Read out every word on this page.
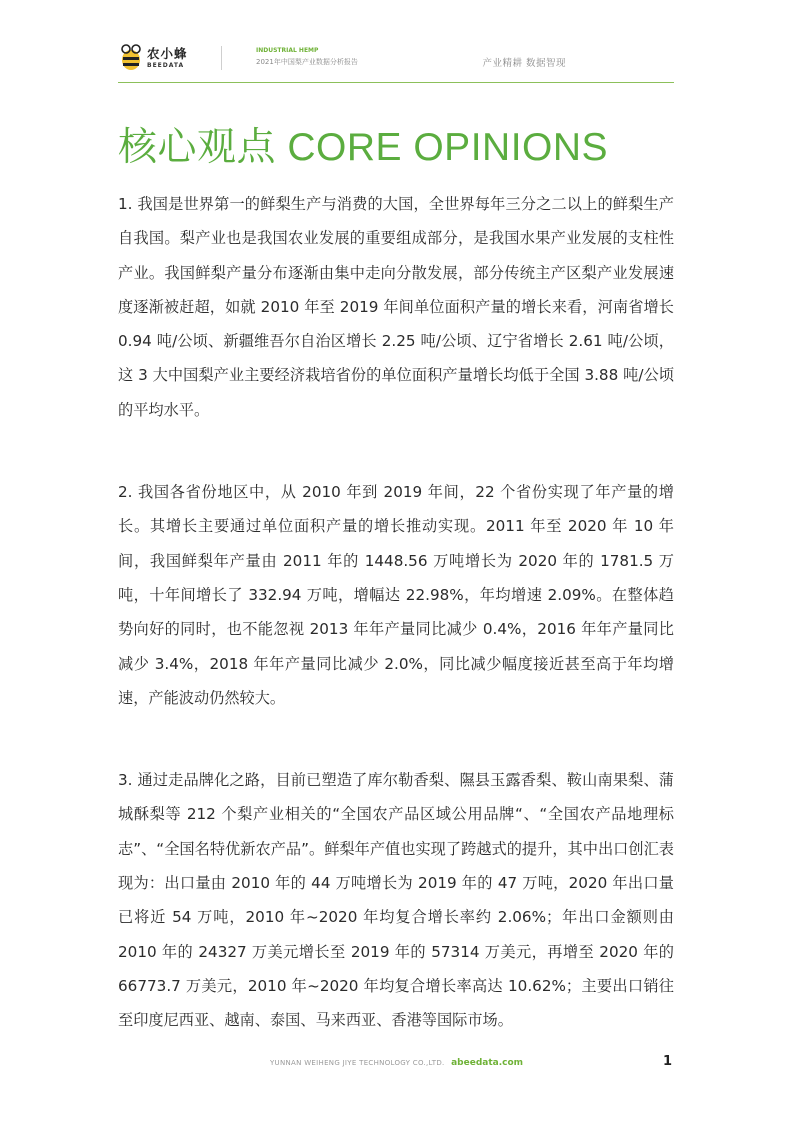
农小蜂
BEEDATA
INDUSTRIAL HEMP
2021年中国梨产业数据分析报告	产业精耕 数据智现
核心观点 CORE OPINIONS

1. 我国是世界第一的鲜梨生产与消费的大国，全世界每年三分之二以上的鲜梨生产自我国。梨产业也是我国农业发展的重要组成部分，是我国水果产业发展的支柱性产业。我国鲜梨产量分布逐渐由集中走向分散发展，部分传统主产区梨产业发展速度逐渐被赶超，如就 2010 年至 2019 年间单位面积产量的增长来看，河南省增长 0.94 吨/公顷、新疆维吾尔自治区增长 2.25 吨/公顷、辽宁省增长 2.61 吨/公顷，这 3 大中国梨产业主要经济栽培省份的单位面积产量增长均低于全国 3.88 吨/公顷的平均水平。

2. 我国各省份地区中，从 2010 年到 2019 年间，22 个省份实现了年产量的增长。其增长主要通过单位面积产量的增长推动实现。2011 年至 2020 年 10 年间，我国鲜梨年产量由 2011 年的 1448.56 万吨增长为 2020 年的 1781.5 万吨，十年间增长了 332.94 万吨，增幅达 22.98%，年均增速 2.09%。在整体趋势向好的同时，也不能忽视 2013 年年产量同比减少 0.4%，2016 年年产量同比减少 3.4%，2018 年年产量同比减少 2.0%，同比减少幅度接近甚至高于年均增速，产能波动仍然较大。

3. 通过走品牌化之路，目前已塑造了库尔勒香梨、隰县玉露香梨、鞍山南果梨、蒲城酥梨等 212 个梨产业相关的“全国农产品区域公用品牌“、“全国农产品地理标志”、“全国名特优新农产品”。鲜梨年产值也实现了跨越式的提升，其中出口创汇表现为：出口量由 2010 年的 44 万吨增长为 2019 年的 47 万吨，2020 年出口量已将近 54 万吨，2010 年~2020 年均复合增长率约 2.06%；年出口金额则由 2010 年的 24327 万美元增长至 2019 年的 57314 万美元，再增至 2020 年的 66773.7 万美元，2010 年~2020 年均复合增长率高达 10.62%；主要出口销往至印度尼西亚、越南、泰国、马来西亚、香港等国际市场。

YUNNAN WEIHENG JIYE TECHNOLOGY CO.,LTD. abeedata.com	1
